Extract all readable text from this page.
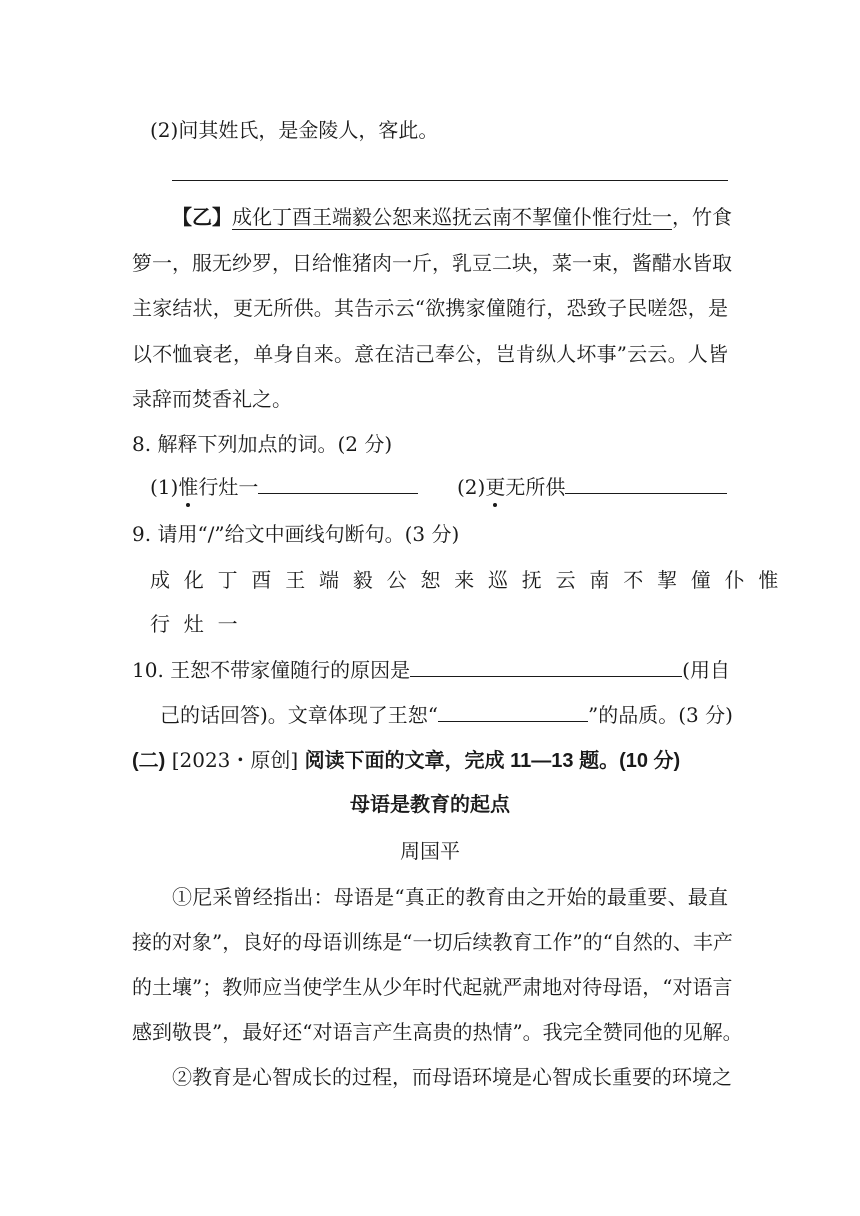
(2)问其姓氏，是金陵人，客此。
【乙】成化丁酉王端毅公恕来巡抚云南不挈僮仆惟行灶一，竹食
箩一，服无纱罗，日给惟猪肉一斤，乳豆二块，菜一束，酱醋水皆取
主家结状，更无所供。其告示云“欲携家僮随行，恐致子民嗟怨，是
以不恤衰老，单身自来。意在洁己奉公，岂肯纵人坏事”云云。人皆
录辞而焚香礼之。
8. 解释下列加点的词。(2 分)
(1)惟行灶一	(2)更无所供
9. 请用“/”给文中画线句断句。(3 分)
成化丁酉王端毅公恕来巡抚云南不挈僮仆惟
行灶一
10. 王恕不带家僮随行的原因是	(用自
己的话回答)。文章体现了王恕“	”的品质。(3 分)
(二) [2023・原创] 阅读下面的文章，完成 11—13 题。(10 分)
母语是教育的起点
周国平
①尼采曾经指出：母语是“真正的教育由之开始的最重要、最直
接的对象”，良好的母语训练是“一切后续教育工作”的“自然的、丰产
的土壤”；教师应当使学生从少年时代起就严肃地对待母语，“对语言
感到敬畏”，最好还“对语言产生高贵的热情”。我完全赞同他的见解。
②教育是心智成长的过程，而母语环境是心智成长重要的环境之
